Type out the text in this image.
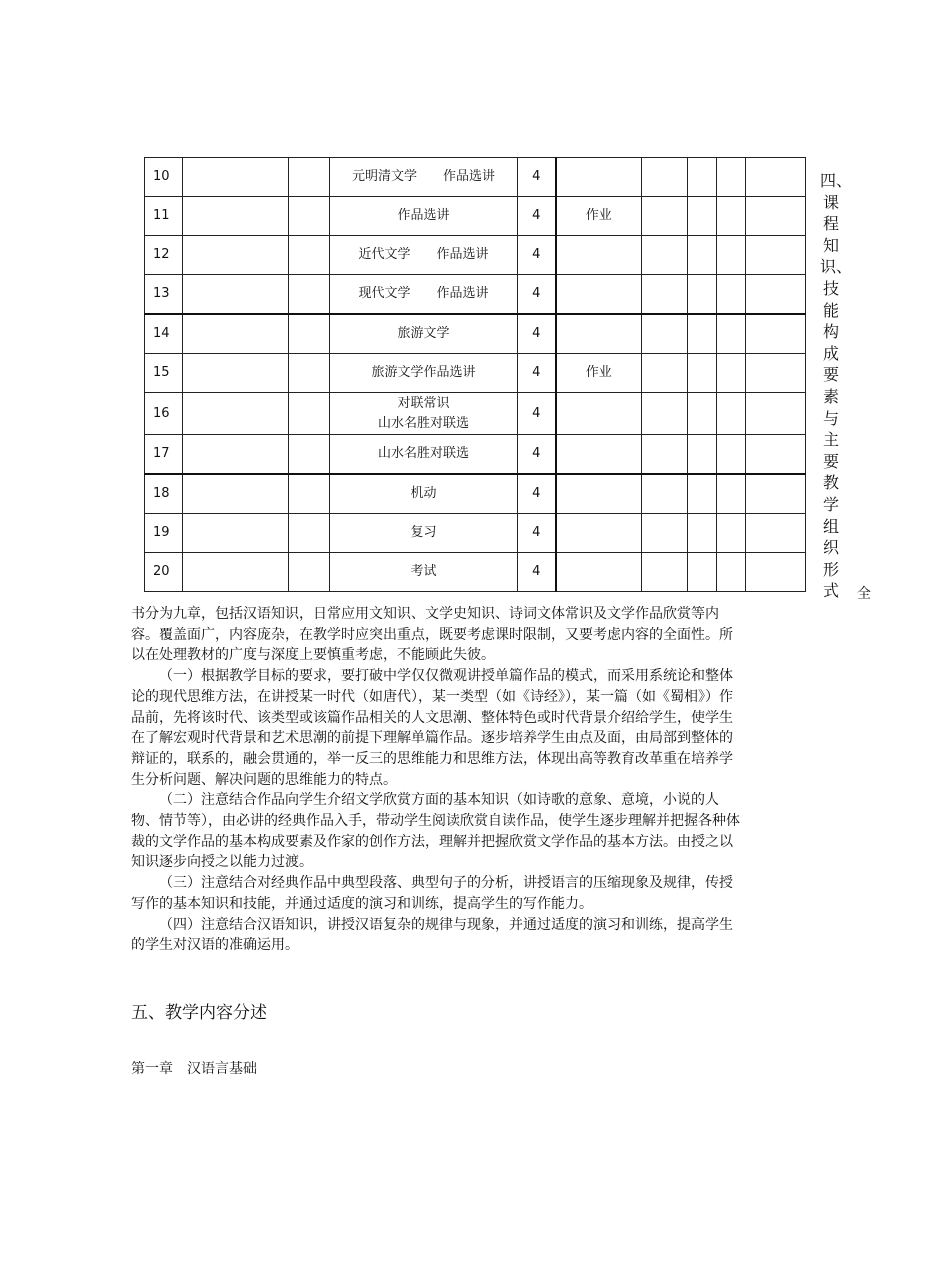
10			元明清文学　　作品选讲	4					
11			作品选讲	4	作业				
12			近代文学　　作品选讲	4					
13			现代文学　　作品选讲	4					
14			旅游文学	4					
15			旅游文学作品选讲	4	作业				
16			对联常识
山水名胜对联选	4					
17			山水名胜对联选	4					
18			机动	4					
19			复习	4					
20			考试	4					
四、课程知识、技能构成要素与主要教学组织形式 全

书分为九章，包括汉语知识，日常应用文知识、文学史知识、诗词文体常识及文学作品欣赏等内容。覆盖面广，内容庞杂，在教学时应突出重点，既要考虑课时限制，又要考虑内容的全面性。所以在处理教材的广度与深度上要慎重考虑，不能顾此失彼。

（一）根据教学目标的要求，要打破中学仅仅微观讲授单篇作品的模式，而采用系统论和整体论的现代思维方法，在讲授某一时代（如唐代），某一类型（如《诗经》），某一篇（如《蜀相》）作品前，先将该时代、该类型或该篇作品相关的人文思潮、整体特色或时代背景介绍给学生，使学生在了解宏观时代背景和艺术思潮的前提下理解单篇作品。逐步培养学生由点及面，由局部到整体的辩证的，联系的，融会贯通的，举一反三的思维能力和思维方法，体现出高等教育改革重在培养学生分析问题、解决问题的思维能力的特点。

（二）注意结合作品向学生介绍文学欣赏方面的基本知识（如诗歌的意象、意境，小说的人物、情节等），由必讲的经典作品入手，带动学生阅读欣赏自读作品，使学生逐步理解并把握各种体裁的文学作品的基本构成要素及作家的创作方法，理解并把握欣赏文学作品的基本方法。由授之以知识逐步向授之以能力过渡。

（三）注意结合对经典作品中典型段落、典型句子的分析，讲授语言的压缩现象及规律，传授写作的基本知识和技能，并通过适度的演习和训练，提高学生的写作能力。

（四）注意结合汉语知识，讲授汉语复杂的规律与现象，并通过适度的演习和训练，提高学生的学生对汉语的准确运用。

五、教学内容分述
第一章　汉语言基础
